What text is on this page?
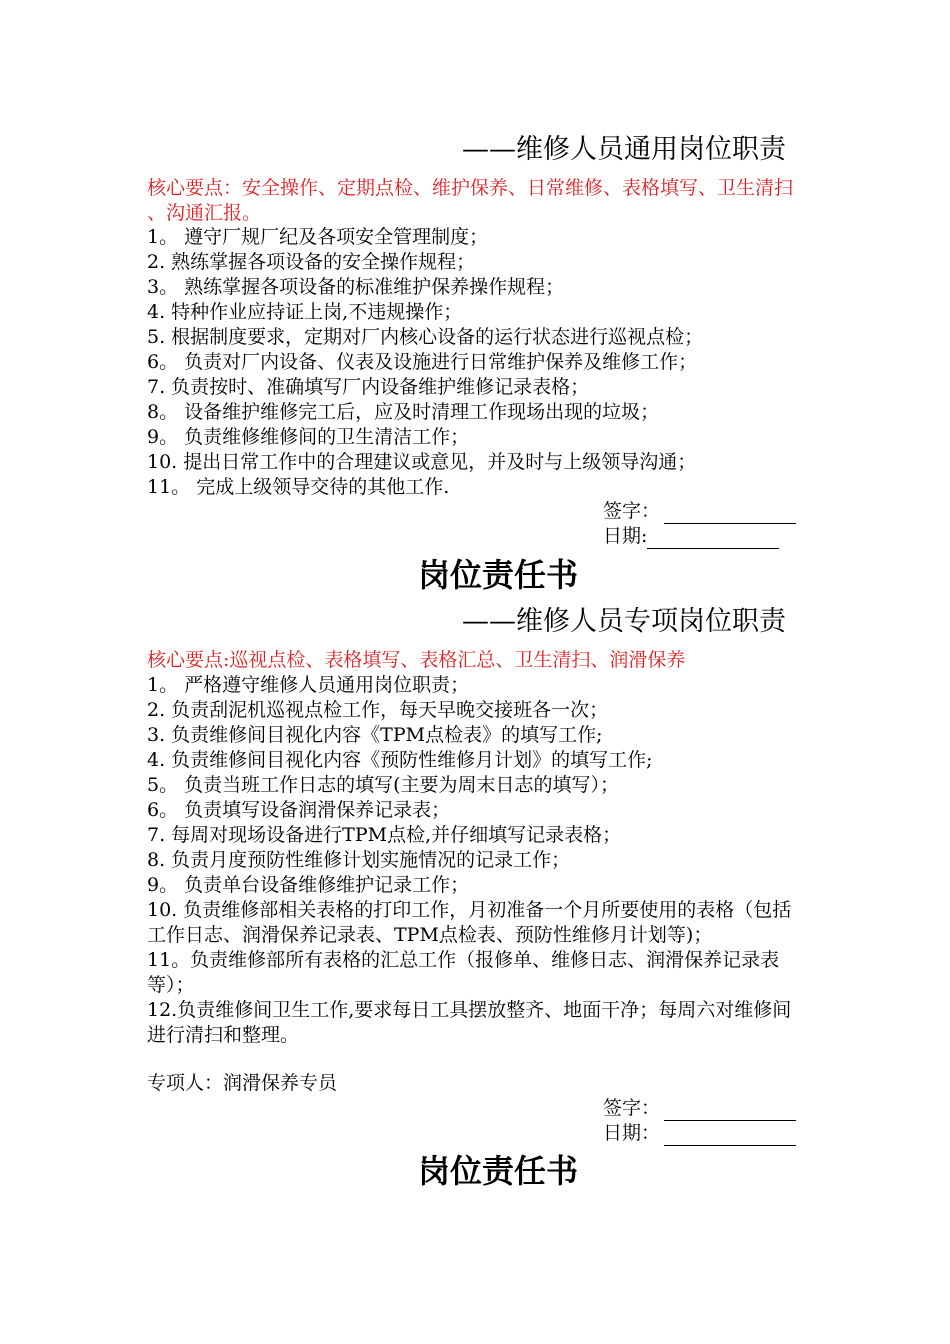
——维修人员通用岗位职责
核心要点：安全操作、定期点检、维护保养、日常维修、表格填写、卫生清扫 、沟通汇报。
1。 遵守厂规厂纪及各项安全管理制度；
2. 熟练掌握各项设备的安全操作规程；
3。 熟练掌握各项设备的标准维护保养操作规程；
4. 特种作业应持证上岗,不违规操作；
5. 根据制度要求，定期对厂内核心设备的运行状态进行巡视点检；
6。 负责对厂内设备、仪表及设施进行日常维护保养及维修工作；
7. 负责按时、准确填写厂内设备维护维修记录表格；
8。 设备维护维修完工后，应及时清理工作现场出现的垃圾；
9。 负责维修维修间的卫生清洁工作；
10. 提出日常工作中的合理建议或意见，并及时与上级领导沟通；
11。 完成上级领导交待的其他工作.
签字：
日期:
岗位责任书
——维修人员专项岗位职责
核心要点:巡视点检、表格填写、表格汇总、卫生清扫、润滑保养
1。 严格遵守维修人员通用岗位职责；
2. 负责刮泥机巡视点检工作，每天早晚交接班各一次；
3. 负责维修间目视化内容《TPM点检表》的填写工作;
4. 负责维修间目视化内容《预防性维修月计划》的填写工作;
5。 负责当班工作日志的填写(主要为周末日志的填写）；
6。 负责填写设备润滑保养记录表；
7. 每周对现场设备进行TPM点检,并仔细填写记录表格；
8. 负责月度预防性维修计划实施情况的记录工作；
9。 负责单台设备维修维护记录工作；
10. 负责维修部相关表格的打印工作，月初准备一个月所要使用的表格（包括工作日志、润滑保养记录表、TPM点检表、预防性维修月计划等)；
11。负责维修部所有表格的汇总工作（报修单、维修日志、润滑保养记录表等）；
12.负责维修间卫生工作,要求每日工具摆放整齐、地面干净；每周六对维修间进行清扫和整理。
专项人：润滑保养专员
签字：
日期：
岗位责任书
